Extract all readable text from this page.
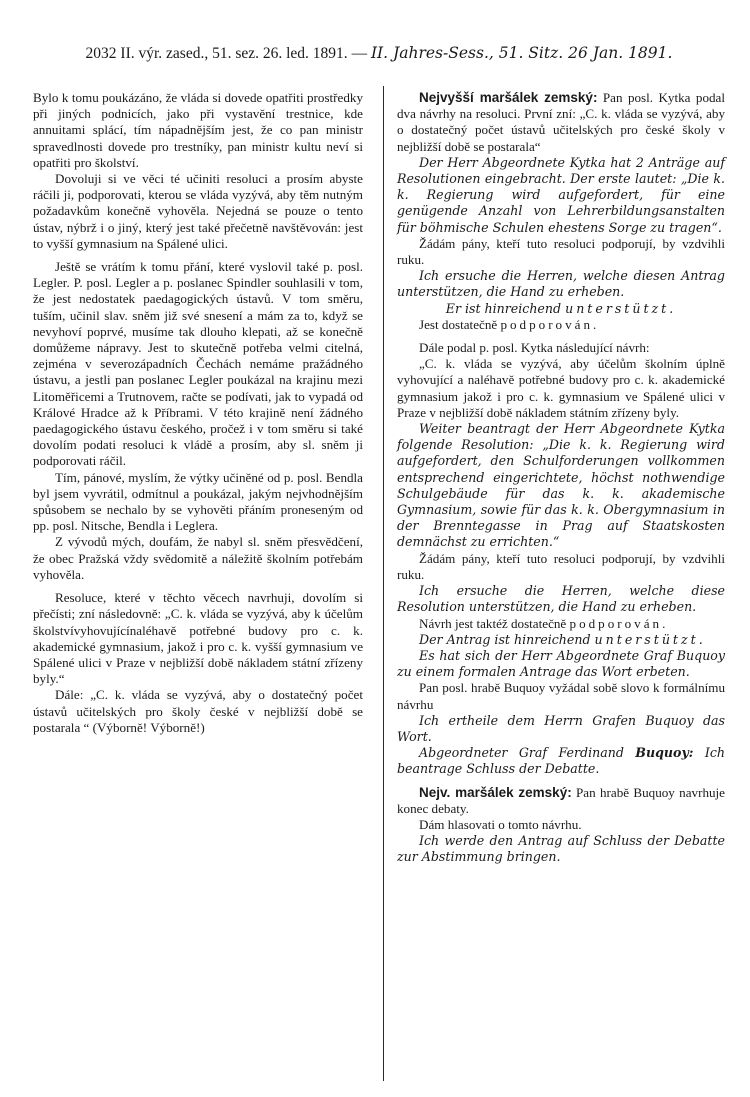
2032 II. výr. zased., 51. sez. 26. led. 1891. — II. Jahres-Sess., 51. Sitz. 26 Jan. 1891.

Bylo k tomu poukázáno, že vláda si dovede opatřiti prostředky při jiných podnicích, jako při vystavění trestnice, kde annuitami splácí, tím nápadnějším jest, že co pan ministr spravedlnosti dovede pro trestníky, pan ministr kultu neví si opatřiti pro školství.

Dovoluji si ve věci té učiniti resoluci a prosím abyste ráčili ji, podporovati, kterou se vláda vyzývá, aby těm nutným požadavkům konečně vyhověla. Nejedná se pouze o tento ústav, nýbrž i o jiný, který jest také přečetně navštěvován: jest to vyšší gymnasium na Spálené ulici.

Ještě se vrátím k tomu přání, které vyslovil také p. posl. Legler. P. posl. Legler a p. poslanec Spindler souhlasili v tom, že jest nedostatek paedagogických ústavů. V tom směru, tuším, učinil slav. sněm již své snesení a mám za to, když se nevyhoví poprvé, musíme tak dlouho klepati, až se konečně domůžeme nápravy. Jest to skutečně potřeba velmi citelná, zejména v severozápadních Čechách nemáme pražádného ústavu, a jestli pan poslanec Legler poukázal na krajinu mezi Litoměřicemi a Trutnovem, račte se podívati, jak to vypadá od Králové Hradce až k Příbrami. V této krajině není žádného paedagogického ústavu českého, pročež i v tom směru si také dovolím podati resoluci k vládě a prosím, aby sl. sněm ji podporovati ráčil.

Tím, pánové, myslím, že výtky učiněné od p. posl. Bendla byl jsem vyvrátil, odmítnul a poukázal, jakým nejvhodnějším spůsobem se nechalo by se vyhověti přáním proneseným od pp. posl. Nitsche, Bendla i Leglera.

Z vývodů mých, doufám, že nabyl sl. sněm přesvědčení, že obec Pražská vždy svědomitě a náležitě školním potřebám vyhověla.

Resoluce, které v těchto věcech navrhuji, dovolím si přečísti; zní následovně: „C. k. vláda se vyzývá, aby k účelům školstvívyhovujícínaléhavě potřebné budovy pro c. k. akademické gymnasium, jakož i pro c. k. vyšší gymnasium ve Spálené ulici v Praze v nejbližší době nákladem státní zřízeny byly.“

Dále: „C. k. vláda se vyzývá, aby o dostatečný počet ústavů učitelských pro školy české v nejbližší době se postarala “ (Výborně! Výborně!)

Nejvyšší maršálek zemský: Pan posl. Kytka podal dva návrhy na resoluci. První zní: „C. k. vláda se vyzývá, aby o dostatečný počet ústavů učitelských pro české školy v nejbližší době se postarala“

Der Herr Abgeordnete Kytka hat 2 Anträge auf Resolutionen eingebracht. Der erste lautet: „Die k. k. Regierung wird aufgefordert, für eine genügende Anzahl von Lehrerbildungsanstalten für böhmische Schulen ehestens Sorge zu tragen“.

Žádám pány, kteří tuto resoluci podporují, by vzdvihli ruku.

Ich ersuche die Herren, welche diesen Antrag unterstützen, die Hand zu erheben.

Er ist hinreichend unterstützt.

Jest dostatečně podporován.

Dále podal p. posl. Kytka následující návrh:

„C. k. vláda se vyzývá, aby účelům školním úplně vyhovující a naléhavě potřebné budovy pro c. k. akademické gymnasium jakož i pro c. k. gymnasium ve Spálené ulici v Praze v nejbližší době nákladem státním zřízeny byly.

Weiter beantragt der Herr Abgeordnete Kytka folgende Resolution: „Die k. k. Regierung wird aufgefordert, den Schulforderungen vollkommen entsprechend eingerichtete, höchst nothwendige Schulgebäude für das k. k. akademische Gymnasium, sowie für das k. k. Obergymnasium in der Brenntegasse in Prag auf Staatskosten demnächst zu errichten.“

Žádám pány, kteří tuto resoluci podporují, by vzdvihli ruku.

Ich ersuche die Herren, welche diese Resolution unterstützen, die Hand zu erheben.

Návrh jest taktéž dostatečně podporován.

Der Antrag ist hinreichend unterstützt.

Es hat sich der Herr Abgeordnete Graf Buquoy zu einem formalen Antrage das Wort erbeten.

Pan posl. hrabě Buquoy vyžádal sobě slovo k formálnímu návrhu

Ich ertheile dem Herrn Grafen Buquoy das Wort.

Abgeordneter Graf Ferdinand Buquoy: Ich beantrage Schluss der Debatte.

Nejv. maršálek zemský: Pan hrabě Buquoy navrhuje konec debaty.

Dám hlasovati o tomto návrhu.

Ich werde den Antrag auf Schluss der Debatte zur Abstimmung bringen.
